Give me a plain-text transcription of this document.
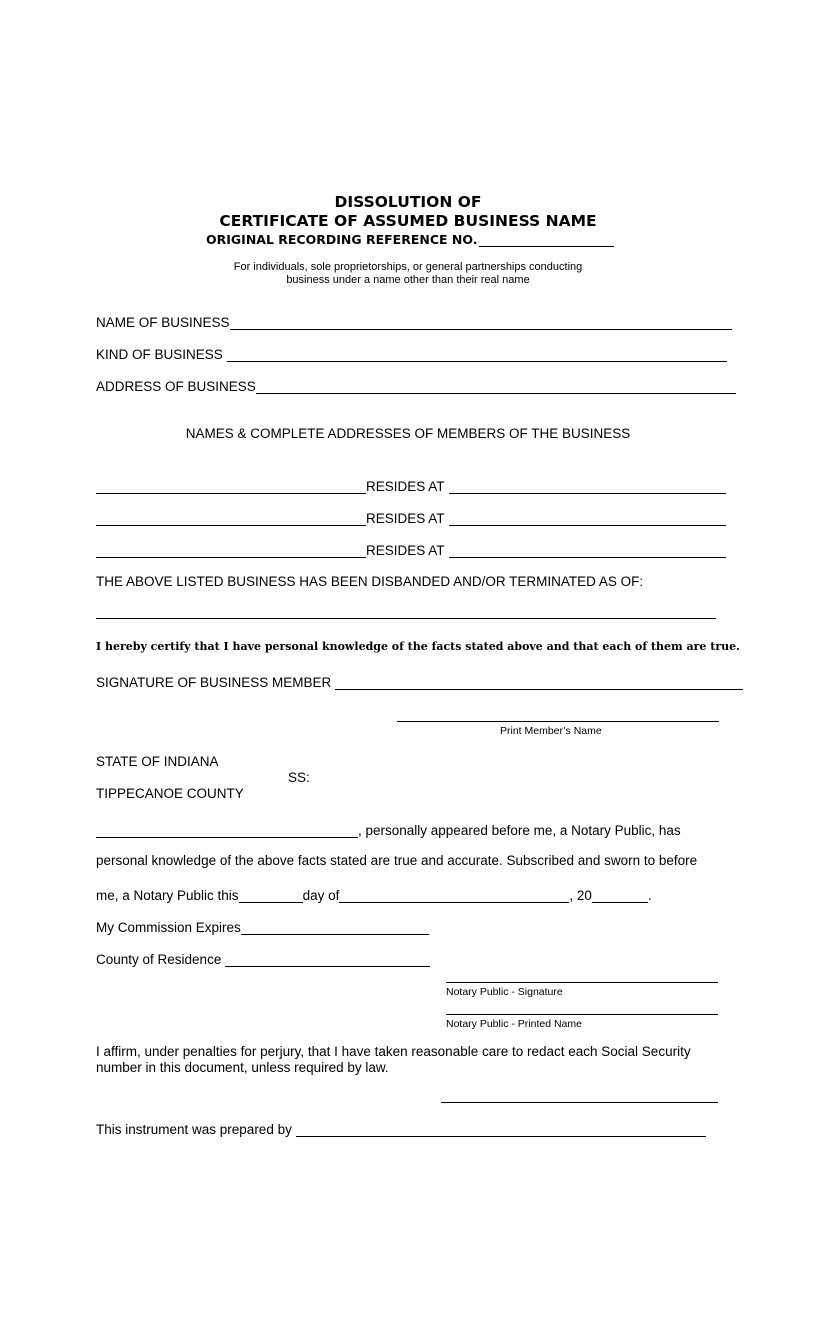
DISSOLUTION OF
CERTIFICATE OF ASSUMED BUSINESS NAME
ORIGINAL RECORDING REFERENCE NO.
For individuals, sole proprietorships, or general partnerships conducting
business under a name other than their real name
NAME OF BUSINESS
KIND OF BUSINESS
ADDRESS OF BUSINESS
NAMES & COMPLETE ADDRESSES OF MEMBERS OF THE BUSINESS
RESIDES AT
RESIDES AT
RESIDES AT
THE ABOVE LISTED BUSINESS HAS BEEN DISBANDED AND/OR TERMINATED AS OF:
I hereby certify that I have personal knowledge of the facts stated above and that each of them are true.
SIGNATURE OF BUSINESS MEMBER
Print Member’s Name
STATE OF INDIANA
SS:
TIPPECANOE COUNTY
, personally appeared before me, a Notary Public, has
personal knowledge of the above facts stated are true and accurate. Subscribed and sworn to before
me, a Notary Public this	day of	, 20	.
My Commission Expires
County of Residence
Notary Public - Signature
Notary Public - Printed Name
I affirm, under penalties for perjury, that I have taken reasonable care to redact each Social Security
number in this document, unless required by law.
This instrument was prepared by
